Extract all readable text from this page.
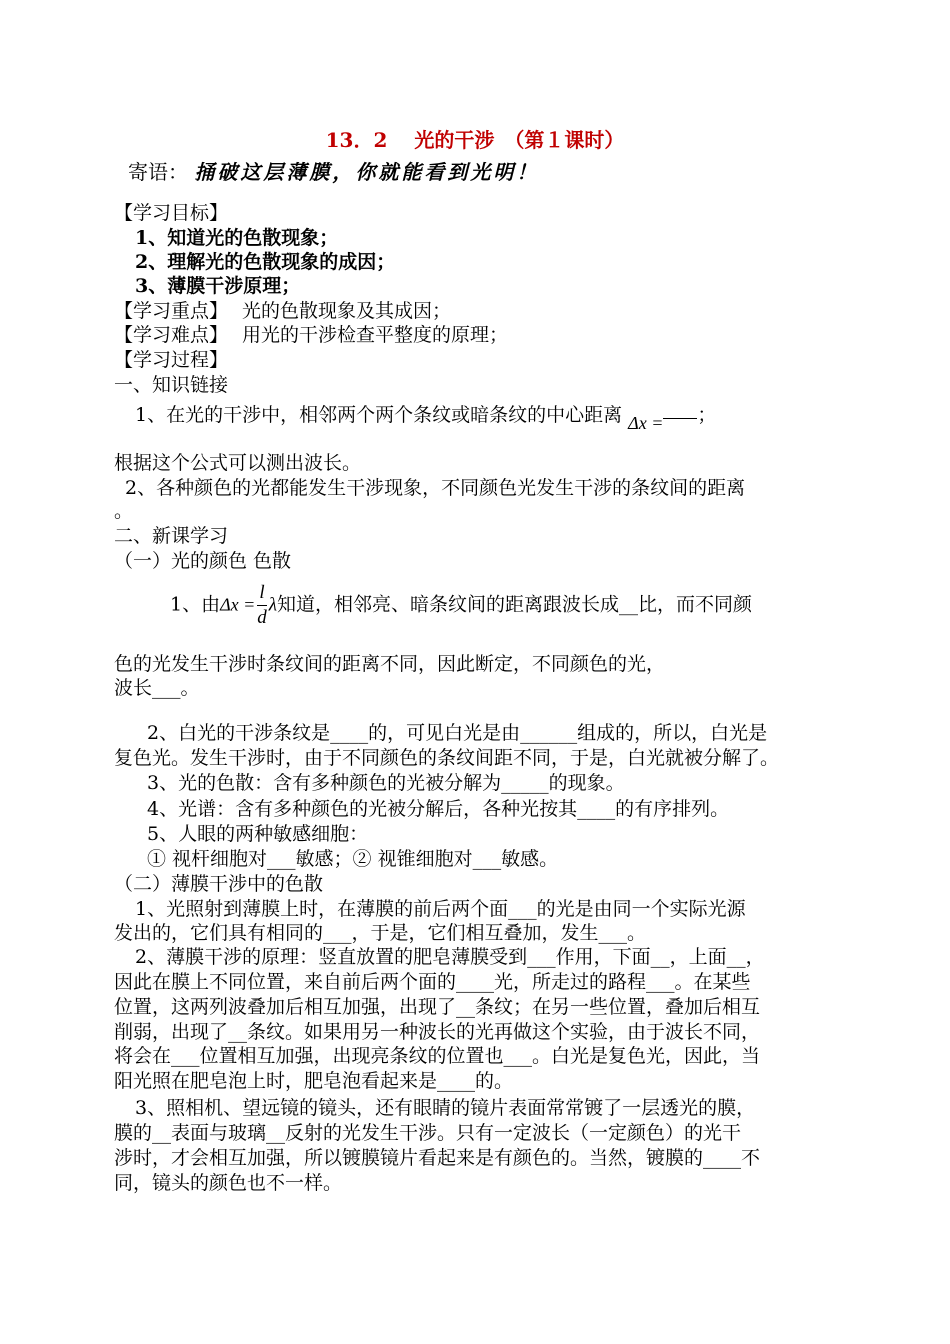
13．2　 光的干涉　（第１课时）
寄语： 捅破这层薄膜，你就能看到光明！
【学习目标】
1、知道光的色散现象；
2、理解光的色散现象的成因；
3、薄膜干涉原理；
【学习重点】 光的色散现象及其成因；
【学习难点】 用光的干涉检查平整度的原理；
【学习过程】
一、知识链接
1、在光的干涉中，相邻两个两个条纹或暗条纹的中心距离 Δx = ；
根据这个公式可以测出波长。
2、各种颜色的光都能发生干涉现象，不同颜色光发生干涉的条纹间的距离
。
二、新课学习
（一）光的颜色 色散
1、由$\Delta x = \frac{l}{d}$ λ知道，相邻亮、暗条纹间的距离跟波长成__比，而不同颜
色的光发生干涉时条纹间的距离不同，因此断定，不同颜色的光，
波长___。
2、白光的干涉条纹是____的，可见白光是由______组成的，所以，白光是
复色光。发生干涉时，由于不同颜色的条纹间距不同，于是，白光就被分解了。
3、光的色散：含有多种颜色的光被分解为_____的现象。
4、光谱：含有多种颜色的光被分解后，各种光按其____的有序排列。
5、人眼的两种敏感细胞：
① 视杆细胞对___敏感；② 视锥细胞对___敏感。
（二）薄膜干涉中的色散
1、光照射到薄膜上时，在薄膜的前后两个面___的光是由同一个实际光源
发出的，它们具有相同的___，于是，它们相互叠加，发生___。
2、薄膜干涉的原理：竖直放置的肥皂薄膜受到___作用，下面__，上面__，
因此在膜上不同位置，来自前后两个面的____光，所走过的路程___。在某些
位置，这两列波叠加后相互加强，出现了__条纹；在另一些位置，叠加后相互
削弱，出现了__条纹。如果用另一种波长的光再做这个实验，由于波长不同，
将会在___位置相互加强，出现亮条纹的位置也___。白光是复色光，因此，当
阳光照在肥皂泡上时，肥皂泡看起来是____的。
3、照相机、望远镜的镜头，还有眼睛的镜片表面常常镀了一层透光的膜，
膜的__表面与玻璃__反射的光发生干涉。只有一定波长（一定颜色）的光干
涉时，才会相互加强，所以镀膜镜片看起来是有颜色的。当然，镀膜的____不
同，镜头的颜色也不一样。
